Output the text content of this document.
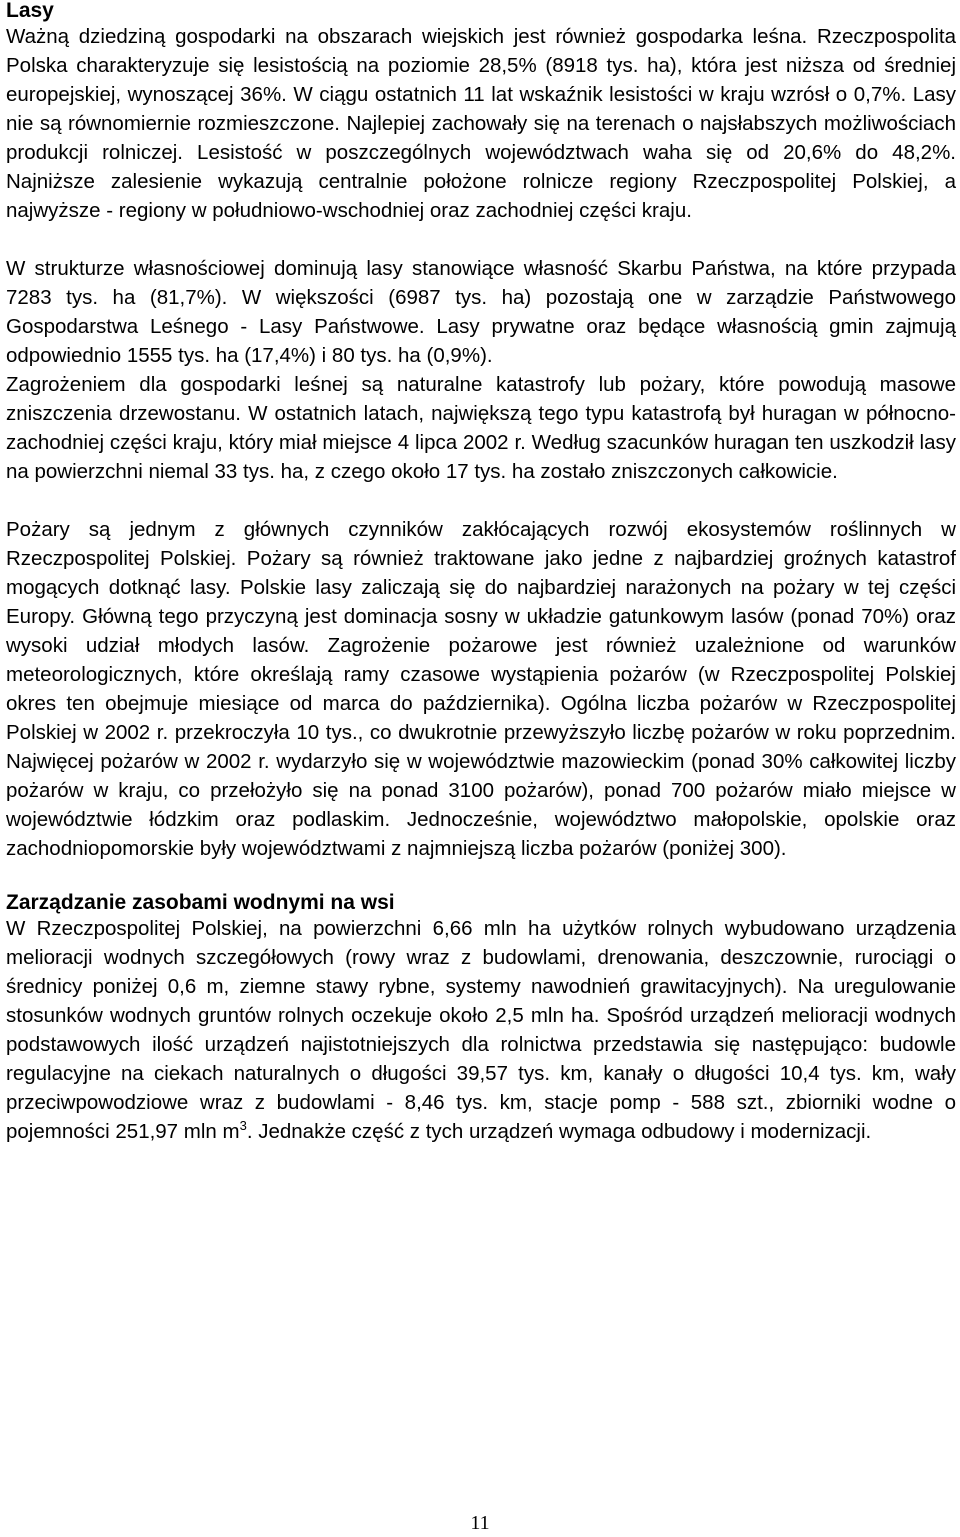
Lasy

Ważną dziedziną gospodarki na obszarach wiejskich jest również gospodarka leśna. Rzeczpospolita Polska charakteryzuje się lesistością na poziomie 28,5% (8918 tys. ha), która jest niższa od średniej europejskiej, wynoszącej 36%. W ciągu ostatnich 11 lat wskaźnik lesistości w kraju wzrósł o 0,7%. Lasy nie są równomiernie rozmieszczone. Najlepiej zachowały się na terenach o najsłabszych możliwościach produkcji rolniczej. Lesistość w poszczególnych województwach waha się od 20,6% do 48,2%. Najniższe zalesienie wykazują centralnie położone rolnicze regiony Rzeczpospolitej Polskiej, a najwyższe - regiony w południowo-wschodniej oraz zachodniej części kraju.

W strukturze własnościowej dominują lasy stanowiące własność Skarbu Państwa, na które przypada 7283 tys. ha (81,7%). W większości (6987 tys. ha) pozostają one w zarządzie Państwowego Gospodarstwa Leśnego - Lasy Państwowe. Lasy prywatne oraz będące własnością gmin zajmują odpowiednio 1555 tys. ha (17,4%) i 80 tys. ha (0,9%).

Zagrożeniem dla gospodarki leśnej są naturalne katastrofy lub pożary, które powodują masowe zniszczenia drzewostanu. W ostatnich latach, największą tego typu katastrofą był huragan w północno-zachodniej części kraju, który miał miejsce 4 lipca 2002 r. Według szacunków huragan ten uszkodził lasy na powierzchni niemal 33 tys. ha, z czego około 17 tys. ha zostało zniszczonych całkowicie.

Pożary są jednym z głównych czynników zakłócających rozwój ekosystemów roślinnych w Rzeczpospolitej Polskiej. Pożary są również traktowane jako jedne z najbardziej groźnych katastrof mogących dotknąć lasy. Polskie lasy zaliczają się do najbardziej narażonych na pożary w tej części Europy. Główną tego przyczyną jest dominacja sosny w układzie gatunkowym lasów (ponad 70%) oraz wysoki udział młodych lasów. Zagrożenie pożarowe jest również uzależnione od warunków meteorologicznych, które określają ramy czasowe wystąpienia pożarów (w Rzeczpospolitej Polskiej okres ten obejmuje miesiące od marca do października). Ogólna liczba pożarów w Rzeczpospolitej Polskiej w 2002 r. przekroczyła 10 tys., co dwukrotnie przewyższyło liczbę pożarów w roku poprzednim. Najwięcej pożarów w 2002 r. wydarzyło się w województwie mazowieckim (ponad 30% całkowitej liczby pożarów w kraju, co przełożyło się na ponad 3100 pożarów), ponad 700 pożarów miało miejsce w województwie łódzkim oraz podlaskim. Jednocześnie, województwo małopolskie, opolskie oraz zachodniopomorskie były województwami z najmniejszą liczba pożarów (poniżej 300).

Zarządzanie zasobami wodnymi na wsi

W Rzeczpospolitej Polskiej, na powierzchni 6,66 mln ha użytków rolnych wybudowano urządzenia melioracji wodnych szczegółowych (rowy wraz z budowlami, drenowania, deszczownie, rurociągi o średnicy poniżej 0,6 m, ziemne stawy rybne, systemy nawodnień grawitacyjnych). Na uregulowanie stosunków wodnych gruntów rolnych oczekuje około 2,5 mln ha. Spośród urządzeń melioracji wodnych podstawowych ilość urządzeń najistotniejszych dla rolnictwa przedstawia się następująco: budowle regulacyjne na ciekach naturalnych o długości 39,57 tys. km, kanały o długości 10,4 tys. km, wały przeciwpowodziowe wraz z budowlami - 8,46 tys. km, stacje pomp - 588 szt., zbiorniki wodne o pojemności 251,97 mln $m^3$. Jednakże część z tych urządzeń wymaga odbudowy i modernizacji.

11
